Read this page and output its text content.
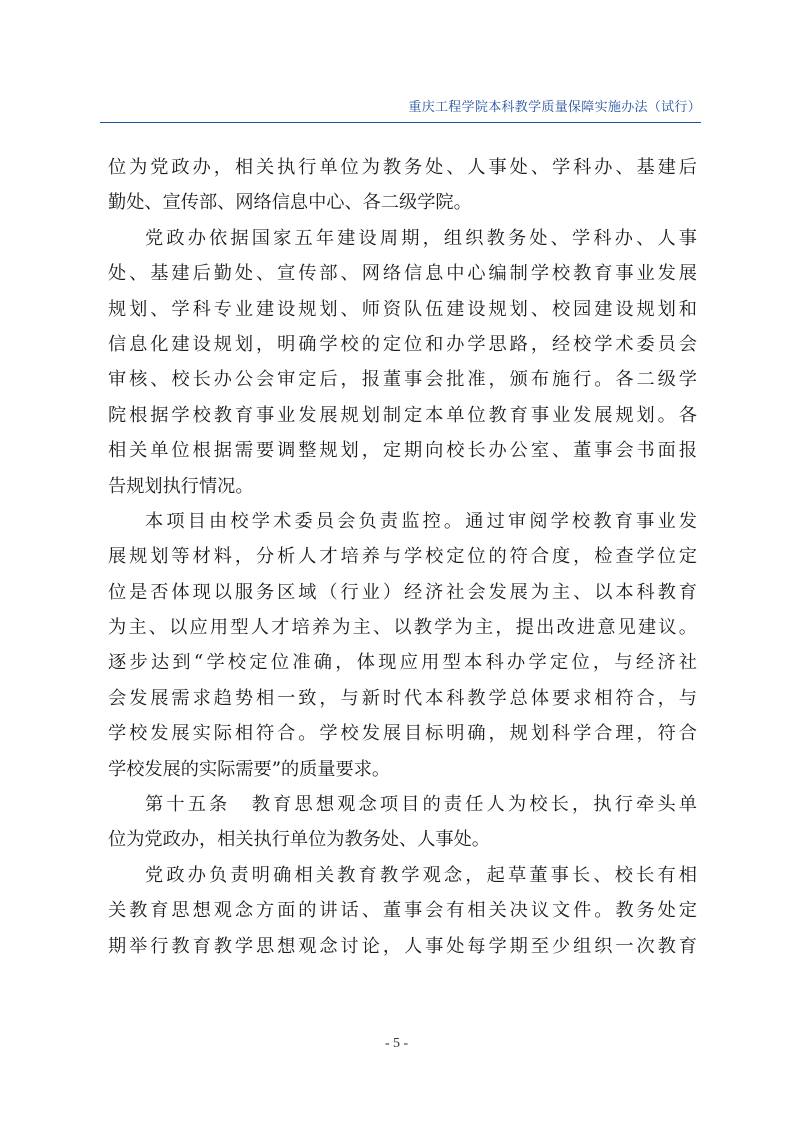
重庆工程学院本科教学质量保障实施办法（试行）
位为党政办，相关执行单位为教务处、人事处、学科办、基建后
勤处、宣传部、网络信息中心、各二级学院。
党政办依据国家五年建设周期，组织教务处、学科办、人事
处、基建后勤处、宣传部、网络信息中心编制学校教育事业发展
规划、学科专业建设规划、师资队伍建设规划、校园建设规划和
信息化建设规划，明确学校的定位和办学思路，经校学术委员会
审核、校长办公会审定后，报董事会批准，颁布施行。各二级学
院根据学校教育事业发展规划制定本单位教育事业发展规划。各
相关单位根据需要调整规划，定期向校长办公室、董事会书面报
告规划执行情况。
本项目由校学术委员会负责监控。通过审阅学校教育事业发
展规划等材料，分析人才培养与学校定位的符合度，检查学位定
位是否体现以服务区域（行业）经济社会发展为主、以本科教育
为主、以应用型人才培养为主、以教学为主，提出改进意见建议。
逐步达到“学校定位准确，体现应用型本科办学定位，与经济社
会发展需求趋势相一致，与新时代本科教学总体要求相符合，与
学校发展实际相符合。学校发展目标明确，规划科学合理，符合
学校发展的实际需要”的质量要求。
第十五条　教育思想观念项目的责任人为校长，执行牵头单
位为党政办，相关执行单位为教务处、人事处。
党政办负责明确相关教育教学观念，起草董事长、校长有相
关教育思想观念方面的讲话、董事会有相关决议文件。教务处定
期举行教育教学思想观念讨论，人事处每学期至少组织一次教育
- 5 -
